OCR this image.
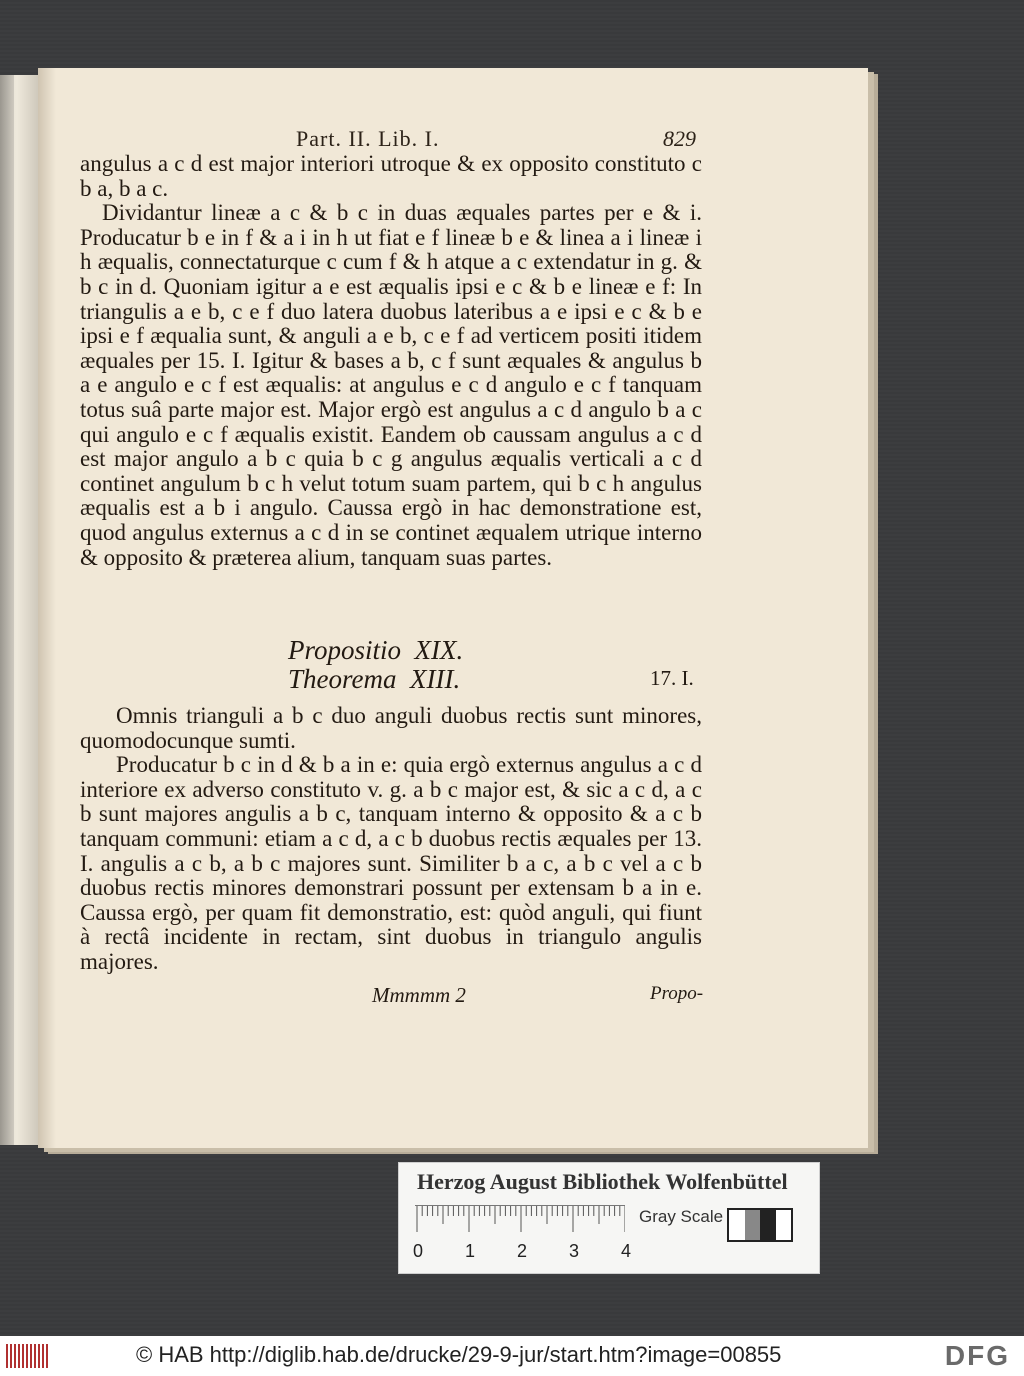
Part. II. Lib. I.	829

angulus a c d est major interiori utroque & ex opposito constituto c b a, b a c.

Dividantur lineæ a c & b c in duas æquales partes per e & i. Producatur b e in f & a i in h ut fiat e f lineæ b e & linea a i lineæ i h æqualis, connectaturque c cum f & h atque a c extendatur in g. & b c in d. Quoniam igitur a e est æqualis ipsi e c & b e lineæ e f: In triangulis a e b, c e f duo latera duobus lateribus a e ipsi e c & b e ipsi e f æqualia sunt, & anguli a e b, c e f ad verticem positi itidem æquales per 15. I. Igitur & bases a b, c f sunt æquales & angulus b a e angulo e c f est æqualis: at angulus e c d angulo e c f tanquam totus suâ parte major est. Major ergò est angulus a c d angulo b a c qui angulo e c f æqualis existit. Eandem ob caussam angulus a c d est major angulo a b c quia b c g angulus æqualis verticali a c d continet angulum b c h velut totum suam partem, qui b c h angulus æqualis est a b i angulo. Caussa ergò in hac demonstratione est, quod angulus externus a c d in se continet æqualem utrique interno & opposito & præterea alium, tanquam suas partes.

Propositio  XIX.
Theorema  XIII.	17. I.

Omnis trianguli a b c duo anguli duobus rectis sunt minores, quomodocunque sumti.

Producatur b c in d & b a in e: quia ergò externus angulus a c d interiore ex adverso constituto v. g. a b c major est, & sic a c d, a c b sunt majores angulis a b c, tanquam interno & opposito & a c b tanquam communi: etiam a c d, a c b duobus rectis æquales per 13. I. angulis a c b, a b c majores sunt. Similiter b a c, a b c vel a c b duobus rectis minores demonstrari possunt per extensam b a in e. Caussa ergò, per quam fit demonstratio, est: quòd anguli, qui fiunt à rectâ incidente in rectam, sint duobus in triangulo angulis majores.

Mmmmm 2	Propo-
Herzog August Bibliothek Wolfenbüttel
Gray Scale
0 1 2 3 4
© HAB http://diglib.hab.de/drucke/29-9-jur/start.htm?image=00855	DFG
